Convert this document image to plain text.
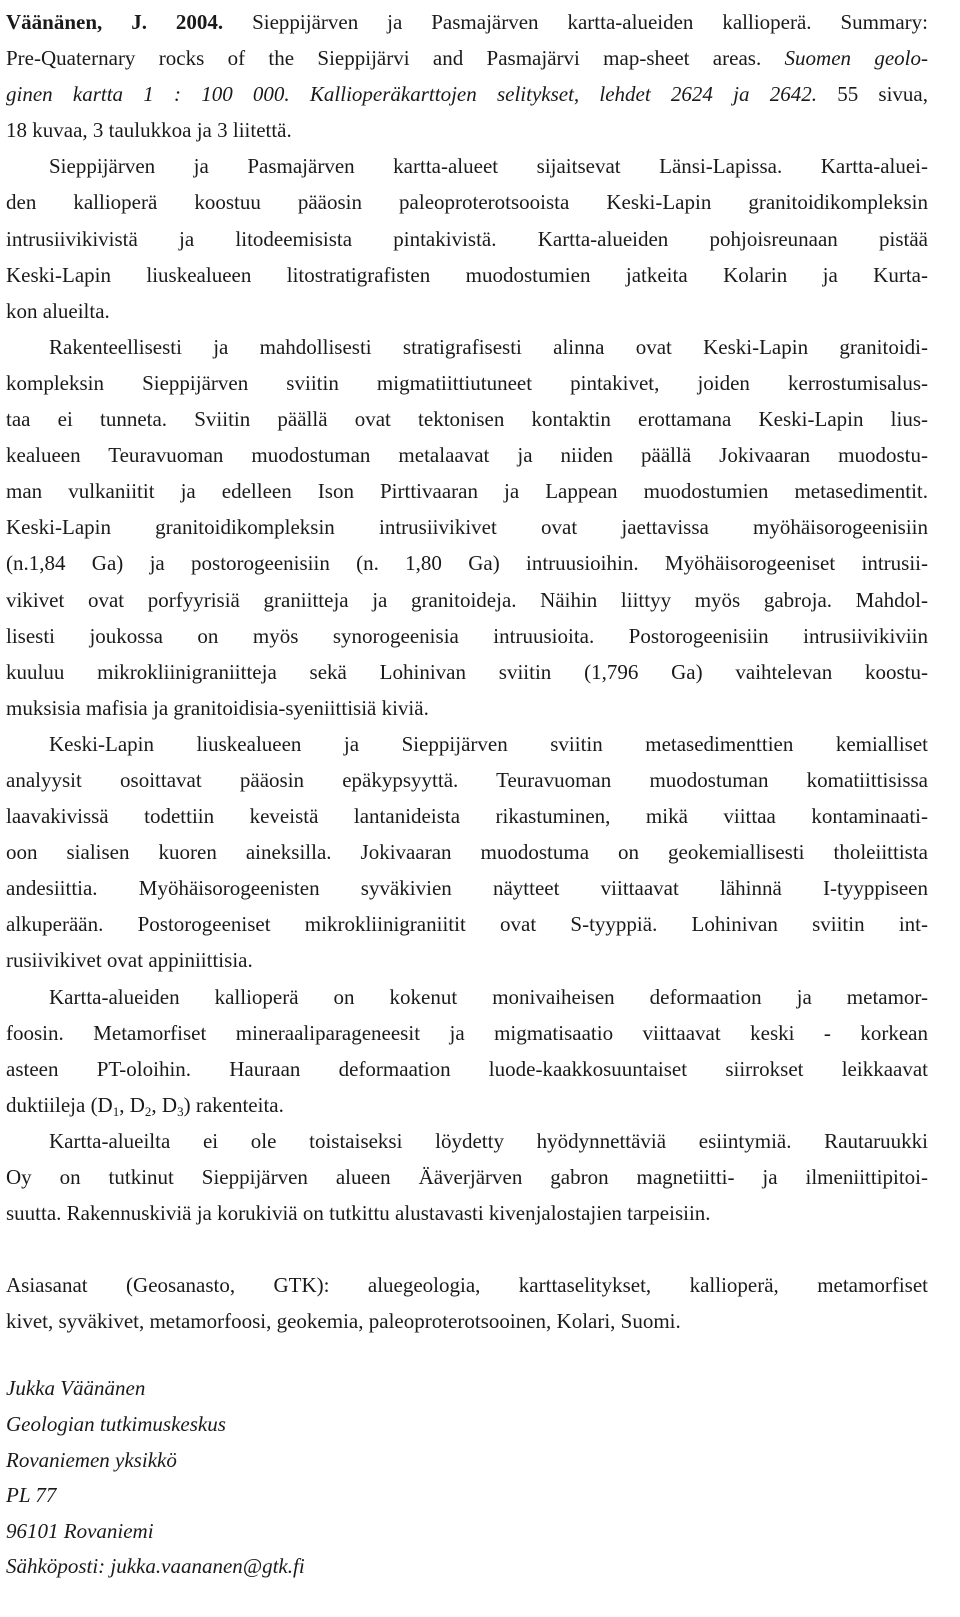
Väänänen, J. 2004. Sieppijärven ja Pasmajärven kartta-alueiden kallioperä. Summary:
Pre-Quaternary rocks of the Sieppijärvi and Pasmajärvi map-sheet areas. Suomen geolo-
ginen kartta 1 : 100 000. Kallioperäkarttojen selitykset, lehdet 2624 ja 2642. 55 sivua,
18 kuvaa, 3 taulukkoa ja 3 liitettä.
Sieppijärven ja Pasmajärven kartta-alueet sijaitsevat Länsi-Lapissa. Kartta-aluei-
den kallioperä koostuu pääosin paleoproterotsooista Keski-Lapin granitoidikompleksin
intrusiivikivistä ja litodeemisista pintakivistä. Kartta-alueiden pohjoisreunaan pistää
Keski-Lapin liuskealueen litostratigrafisten muodostumien jatkeita Kolarin ja Kurta-
kon alueilta.
Rakenteellisesti ja mahdollisesti stratigrafisesti alinna ovat Keski-Lapin granitoidi-
kompleksin Sieppijärven sviitin migmatiittiutuneet pintakivet, joiden kerrostumisalus-
taa ei tunneta. Sviitin päällä ovat tektonisen kontaktin erottamana Keski-Lapin lius-
kealueen Teuravuoman muodostuman metalaavat ja niiden päällä Jokivaaran muodostu-
man vulkaniitit ja edelleen Ison Pirttivaaran ja Lappean muodostumien metasedimentit.
Keski-Lapin granitoidikompleksin intrusiivikivet ovat jaettavissa myöhäisorogeenisiin
(n.1,84 Ga) ja postorogeenisiin (n. 1,80 Ga) intruusioihin. Myöhäisorogeeniset intrusii-
vikivet ovat porfyyrisiä graniitteja ja granitoideja. Näihin liittyy myös gabroja. Mahdol-
lisesti joukossa on myös synorogeenisia intruusioita. Postorogeenisiin intrusiivikiviin
kuuluu mikrokliinigraniitteja sekä Lohinivan sviitin (1,796 Ga) vaihtelevan koostu-
muksisia mafisia ja granitoidisia-syeniittisiä kiviä.
Keski-Lapin liuskealueen ja Sieppijärven sviitin metasedimenttien kemialliset
analyysit osoittavat pääosin epäkypsyyttä. Teuravuoman muodostuman komatiittisissa
laavakivissä todettiin keveistä lantanideista rikastuminen, mikä viittaa kontaminaati-
oon sialisen kuoren aineksilla. Jokivaaran muodostuma on geokemiallisesti tholeiittista
andesiittia. Myöhäisorogeenisten syväkivien näytteet viittaavat lähinnä I-tyyppiseen
alkuperään. Postorogeeniset mikrokliinigraniitit ovat S-tyyppiä. Lohinivan sviitin int-
rusiivikivet ovat appiniittisia.
Kartta-alueiden kallioperä on kokenut monivaiheisen deformaation ja metamor-
foosin. Metamorfiset mineraaliparageneesit ja migmatisaatio viittaavat keski - korkean
asteen PT-oloihin. Hauraan deformaation luode-kaakkosuuntaiset siirrokset leikkaavat
duktiileja ($D_1$, $D_2$, $D_3$) rakenteita.
Kartta-alueilta ei ole toistaiseksi löydetty hyödynnettäviä esiintymiä. Rautaruukki
Oy on tutkinut Sieppijärven alueen Ääverjärven gabron magnetiitti- ja ilmeniittipitoi-
suutta. Rakennuskiviä ja korukiviä on tutkittu alustavasti kivenjalostajien tarpeisiin.
Asiasanat (Geosanasto, GTK): aluegeologia, karttaselitykset, kallioperä, metamorfiset
kivet, syväkivet, metamorfoosi, geokemia, paleoproterotsooinen, Kolari, Suomi.
Jukka Väänänen
Geologian tutkimuskeskus
Rovaniemen yksikkö
PL 77
96101 Rovaniemi
Sähköposti: jukka.vaananen@gtk.fi
